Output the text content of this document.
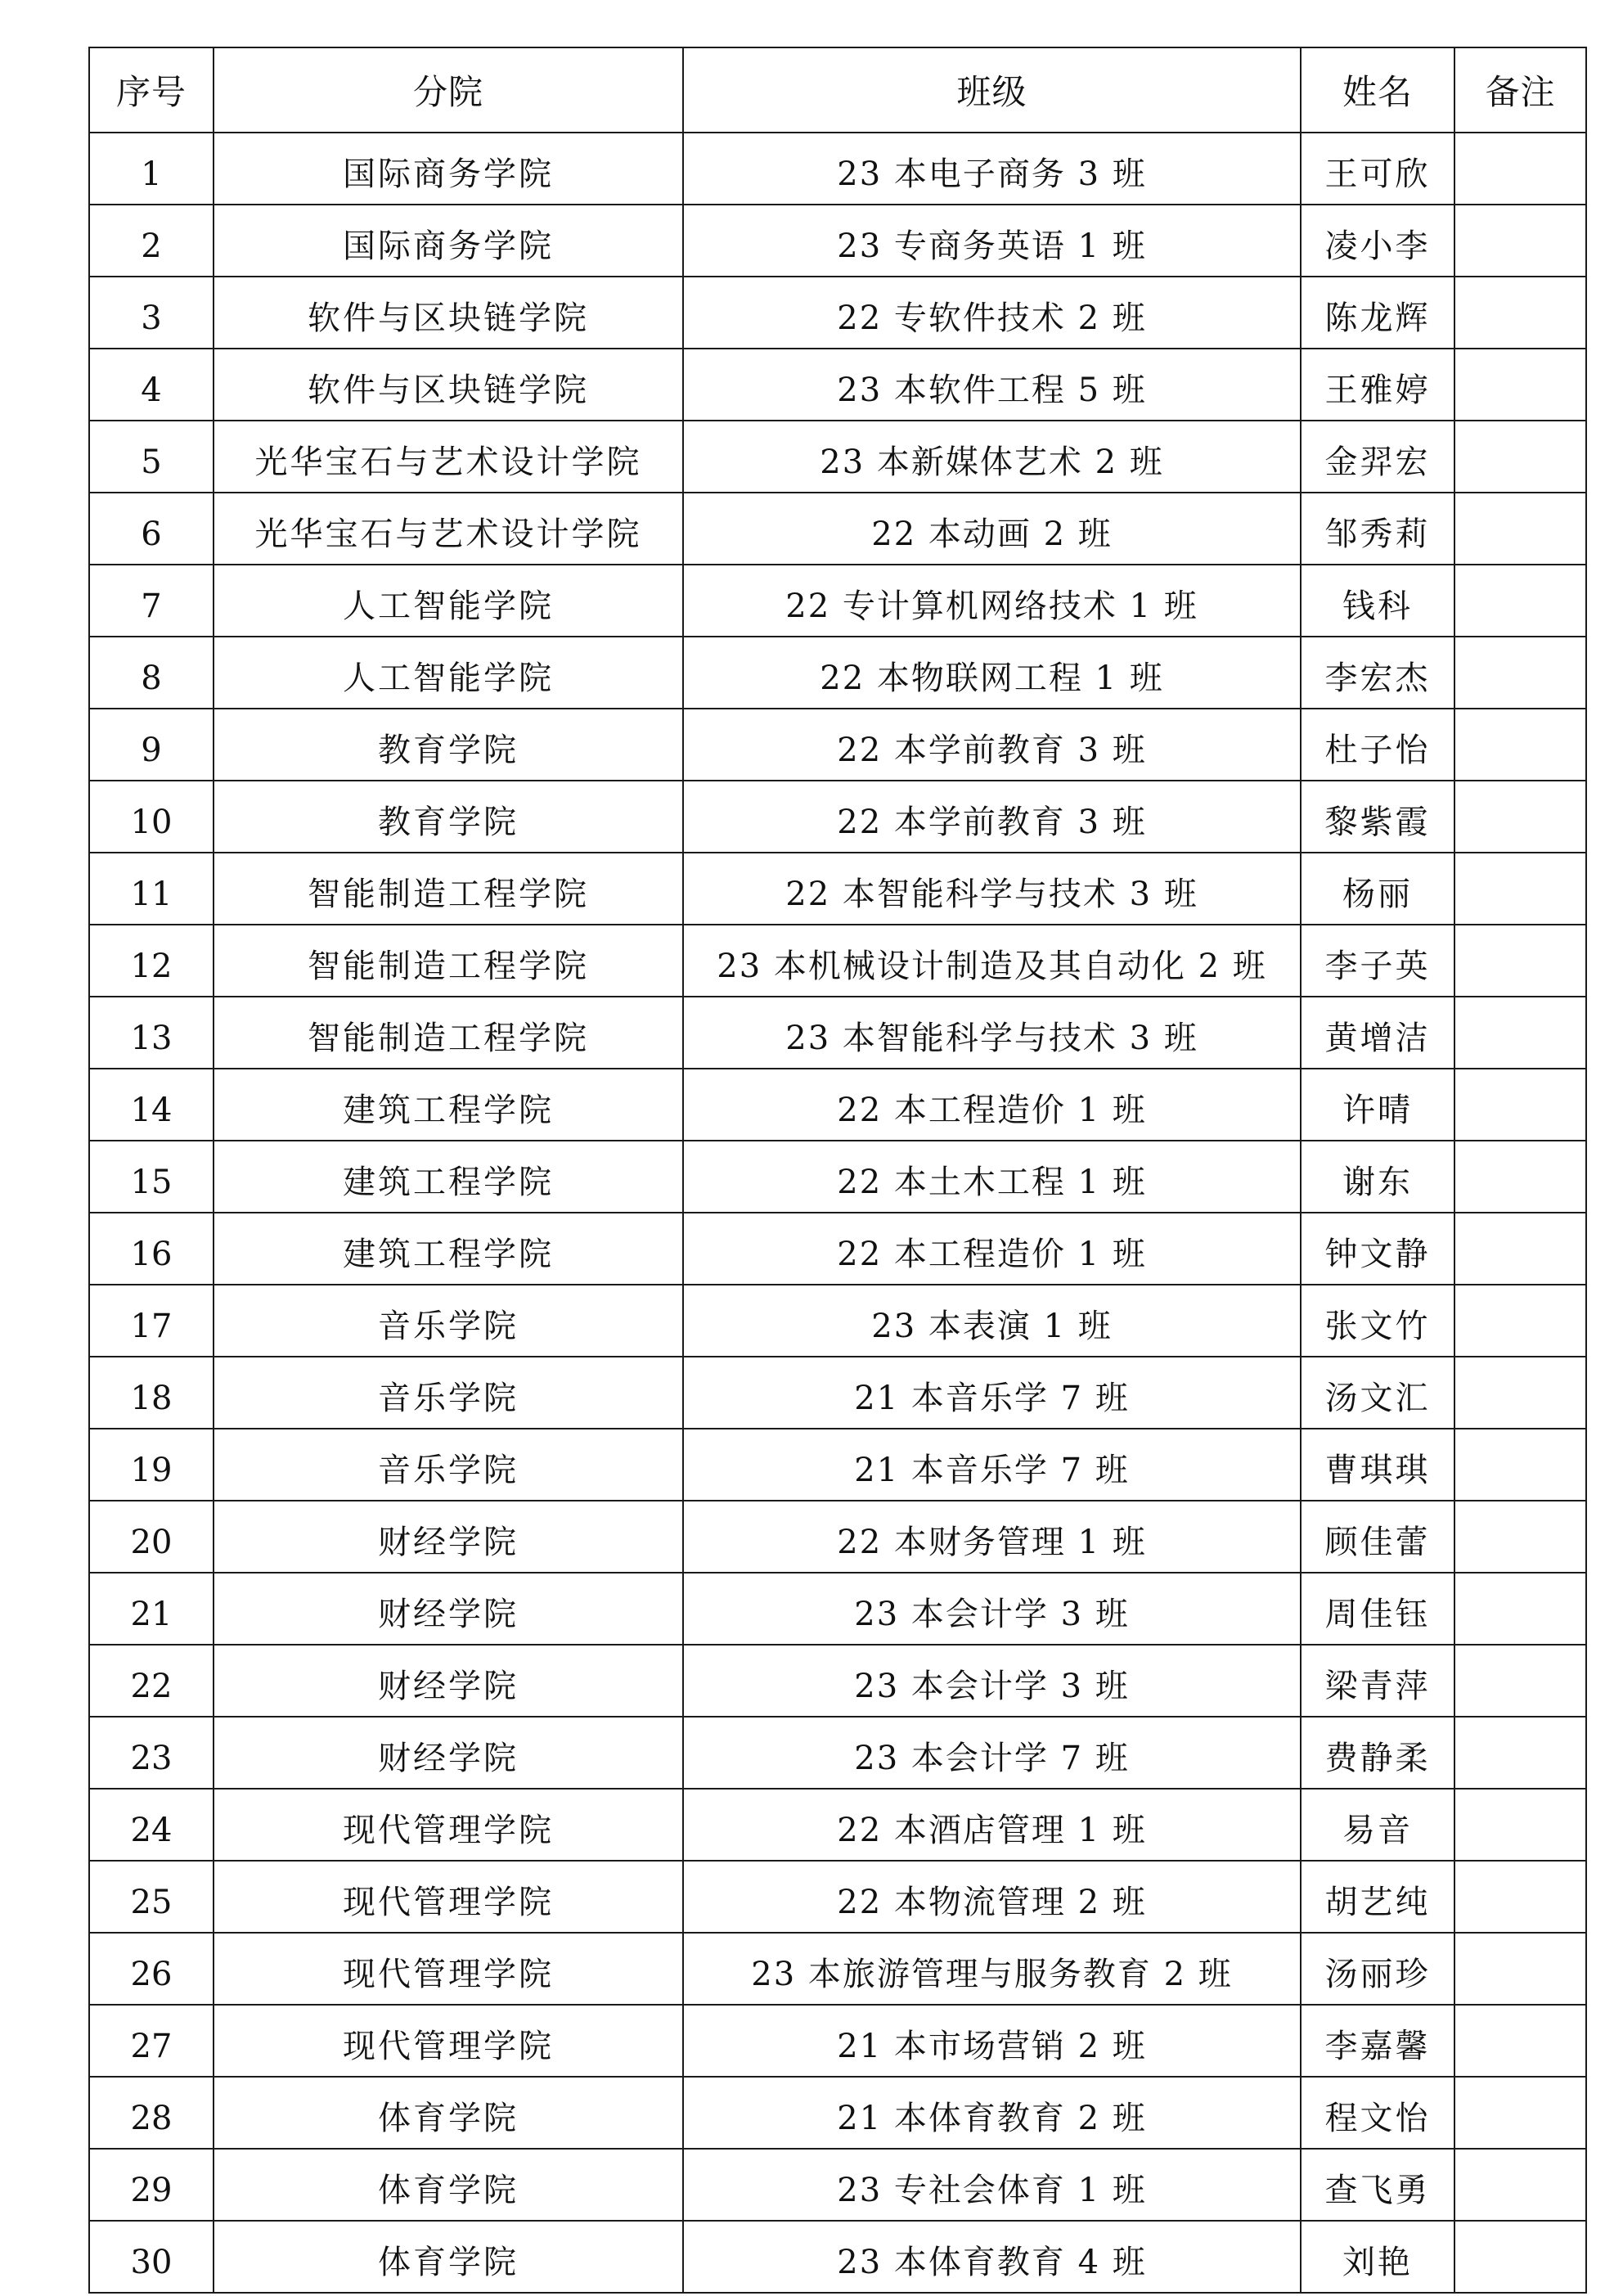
序号	分院	班级	姓名	备注
1	国际商务学院	23 本电子商务 3 班	王可欣	
2	国际商务学院	23 专商务英语 1 班	凌小李	
3	软件与区块链学院	22 专软件技术 2 班	陈龙辉	
4	软件与区块链学院	23 本软件工程 5 班	王雅婷	
5	光华宝石与艺术设计学院	23 本新媒体艺术 2 班	金羿宏	
6	光华宝石与艺术设计学院	22 本动画 2 班	邹秀莉	
7	人工智能学院	22 专计算机网络技术 1 班	钱科	
8	人工智能学院	22 本物联网工程 1 班	李宏杰	
9	教育学院	22 本学前教育 3 班	杜子怡	
10	教育学院	22 本学前教育 3 班	黎紫霞	
11	智能制造工程学院	22 本智能科学与技术 3 班	杨丽	
12	智能制造工程学院	23 本机械设计制造及其自动化 2 班	李子英	
13	智能制造工程学院	23 本智能科学与技术 3 班	黄增洁	
14	建筑工程学院	22 本工程造价 1 班	许晴	
15	建筑工程学院	22 本土木工程 1 班	谢东	
16	建筑工程学院	22 本工程造价 1 班	钟文静	
17	音乐学院	23 本表演 1 班	张文竹	
18	音乐学院	21 本音乐学 7 班	汤文汇	
19	音乐学院	21 本音乐学 7 班	曹琪琪	
20	财经学院	22 本财务管理 1 班	顾佳蕾	
21	财经学院	23 本会计学 3 班	周佳钰	
22	财经学院	23 本会计学 3 班	梁青萍	
23	财经学院	23 本会计学 7 班	费静柔	
24	现代管理学院	22 本酒店管理 1 班	易音	
25	现代管理学院	22 本物流管理 2 班	胡艺纯	
26	现代管理学院	23 本旅游管理与服务教育 2 班	汤丽珍	
27	现代管理学院	21 本市场营销 2 班	李嘉馨	
28	体育学院	21 本体育教育 2 班	程文怡	
29	体育学院	23 专社会体育 1 班	查飞勇	
30	体育学院	23 本体育教育 4 班	刘艳	
